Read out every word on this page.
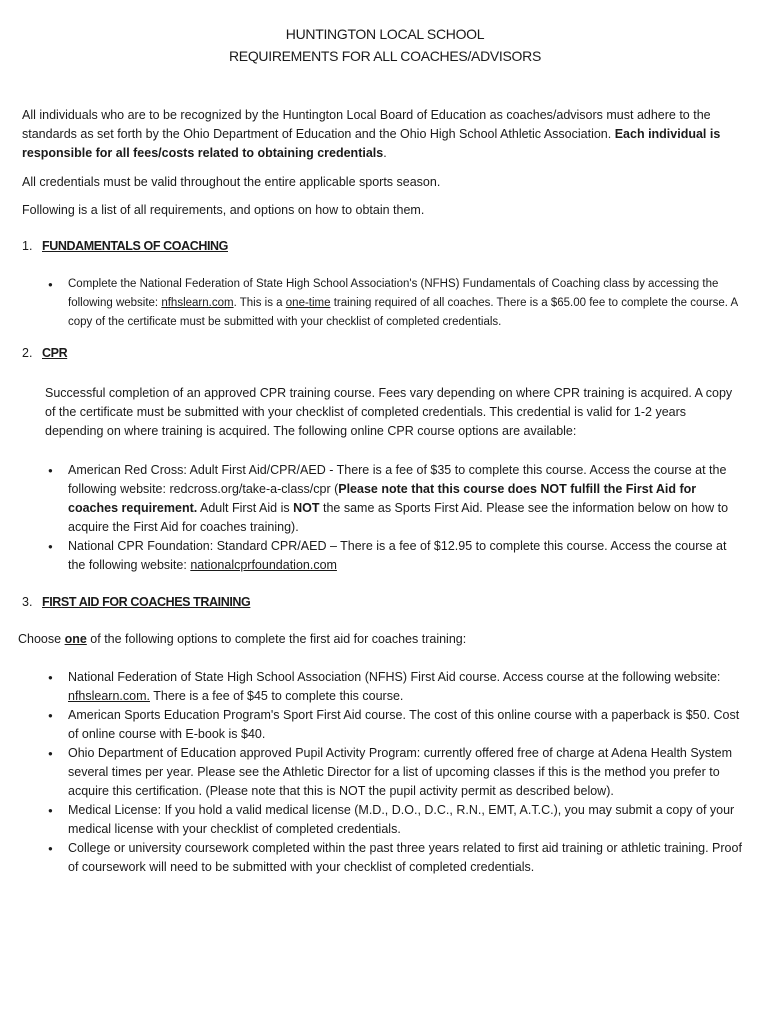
HUNTINGTON LOCAL SCHOOL
REQUIREMENTS FOR ALL COACHES/ADVISORS
All individuals who are to be recognized by the Huntington Local Board of Education as coaches/advisors must adhere to the standards as set forth by the Ohio Department of Education and the Ohio High School Athletic Association. Each individual is responsible for all fees/costs related to obtaining credentials.
All credentials must be valid throughout the entire applicable sports season.
Following is a list of all requirements, and options on how to obtain them.
1. FUNDAMENTALS OF COACHING
● Complete the National Federation of State High School Association's (NFHS) Fundamentals of Coaching class by accessing the following website: nfhslearn.com. This is a one-time training required of all coaches. There is a $65.00 fee to complete the course. A copy of the certificate must be submitted with your checklist of completed credentials.
2. CPR
Successful completion of an approved CPR training course. Fees vary depending on where CPR training is acquired. A copy of the certificate must be submitted with your checklist of completed credentials. This credential is valid for 1-2 years depending on where training is acquired. The following online CPR course options are available:
● American Red Cross: Adult First Aid/CPR/AED - There is a fee of $35 to complete this course. Access the course at the following website: redcross.org/take-a-class/cpr (Please note that this course does NOT fulfill the First Aid for coaches requirement. Adult First Aid is NOT the same as Sports First Aid. Please see the information below on how to acquire the First Aid for coaches training).
● National CPR Foundation: Standard CPR/AED – There is a fee of $12.95 to complete this course. Access the course at the following website: nationalcprfoundation.com
3. FIRST AID FOR COACHES TRAINING
Choose one of the following options to complete the first aid for coaches training:
● National Federation of State High School Association (NFHS) First Aid course. Access course at the following website: nfhslearn.com. There is a fee of $45 to complete this course.
● American Sports Education Program's Sport First Aid course. The cost of this online course with a paperback is $50. Cost of online course with E-book is $40.
● Ohio Department of Education approved Pupil Activity Program: currently offered free of charge at Adena Health System several times per year. Please see the Athletic Director for a list of upcoming classes if this is the method you prefer to acquire this certification. (Please note that this is NOT the pupil activity permit as described below).
● Medical License: If you hold a valid medical license (M.D., D.O., D.C., R.N., EMT, A.T.C.), you may submit a copy of your medical license with your checklist of completed credentials.
● College or university coursework completed within the past three years related to first aid training or athletic training. Proof of coursework will need to be submitted with your checklist of completed credentials.
